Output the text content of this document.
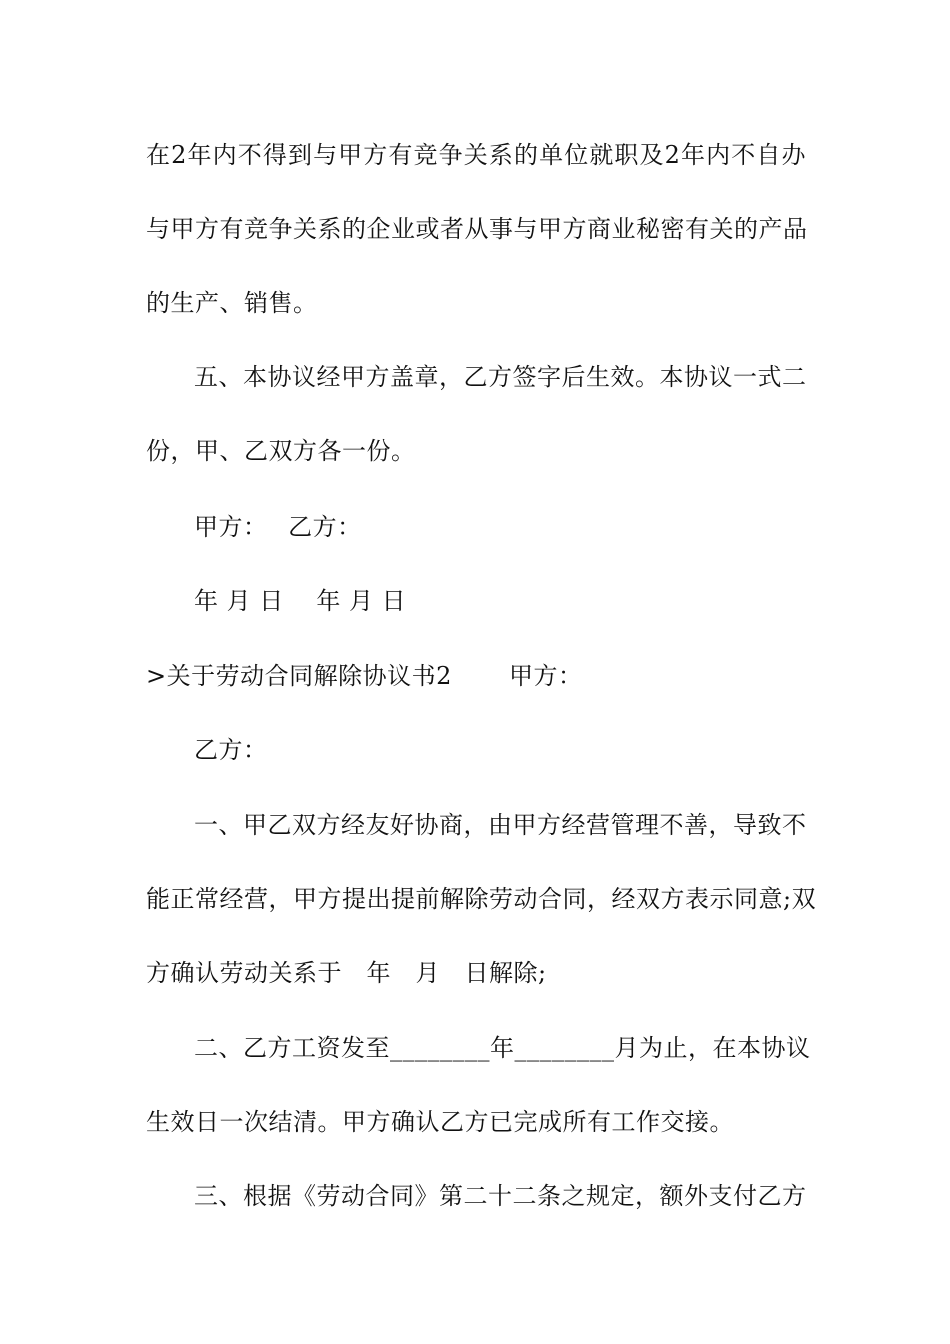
在2年内不得到与甲方有竞争关系的单位就职及2年内不自办
与甲方有竞争关系的企业或者从事与甲方商业秘密有关的产品
的生产、销售。
五、本协议经甲方盖章，乙方签字后生效。本协议一式二
份，甲、乙双方各一份。
甲方：　 乙方：
年 月 日　 年 月 日
>关于劳动合同解除协议书2　　 甲方：
乙方：
一、甲乙双方经友好协商，由甲方经营管理不善，导致不
能正常经营，甲方提出提前解除劳动合同，经双方表示同意;双
方确认劳动关系于　年　月　日解除;
二、乙方工资发至________年________月为止，在本协议
生效日一次结清。甲方确认乙方已完成所有工作交接。
三、根据《劳动合同》第二十二条之规定，额外支付乙方
